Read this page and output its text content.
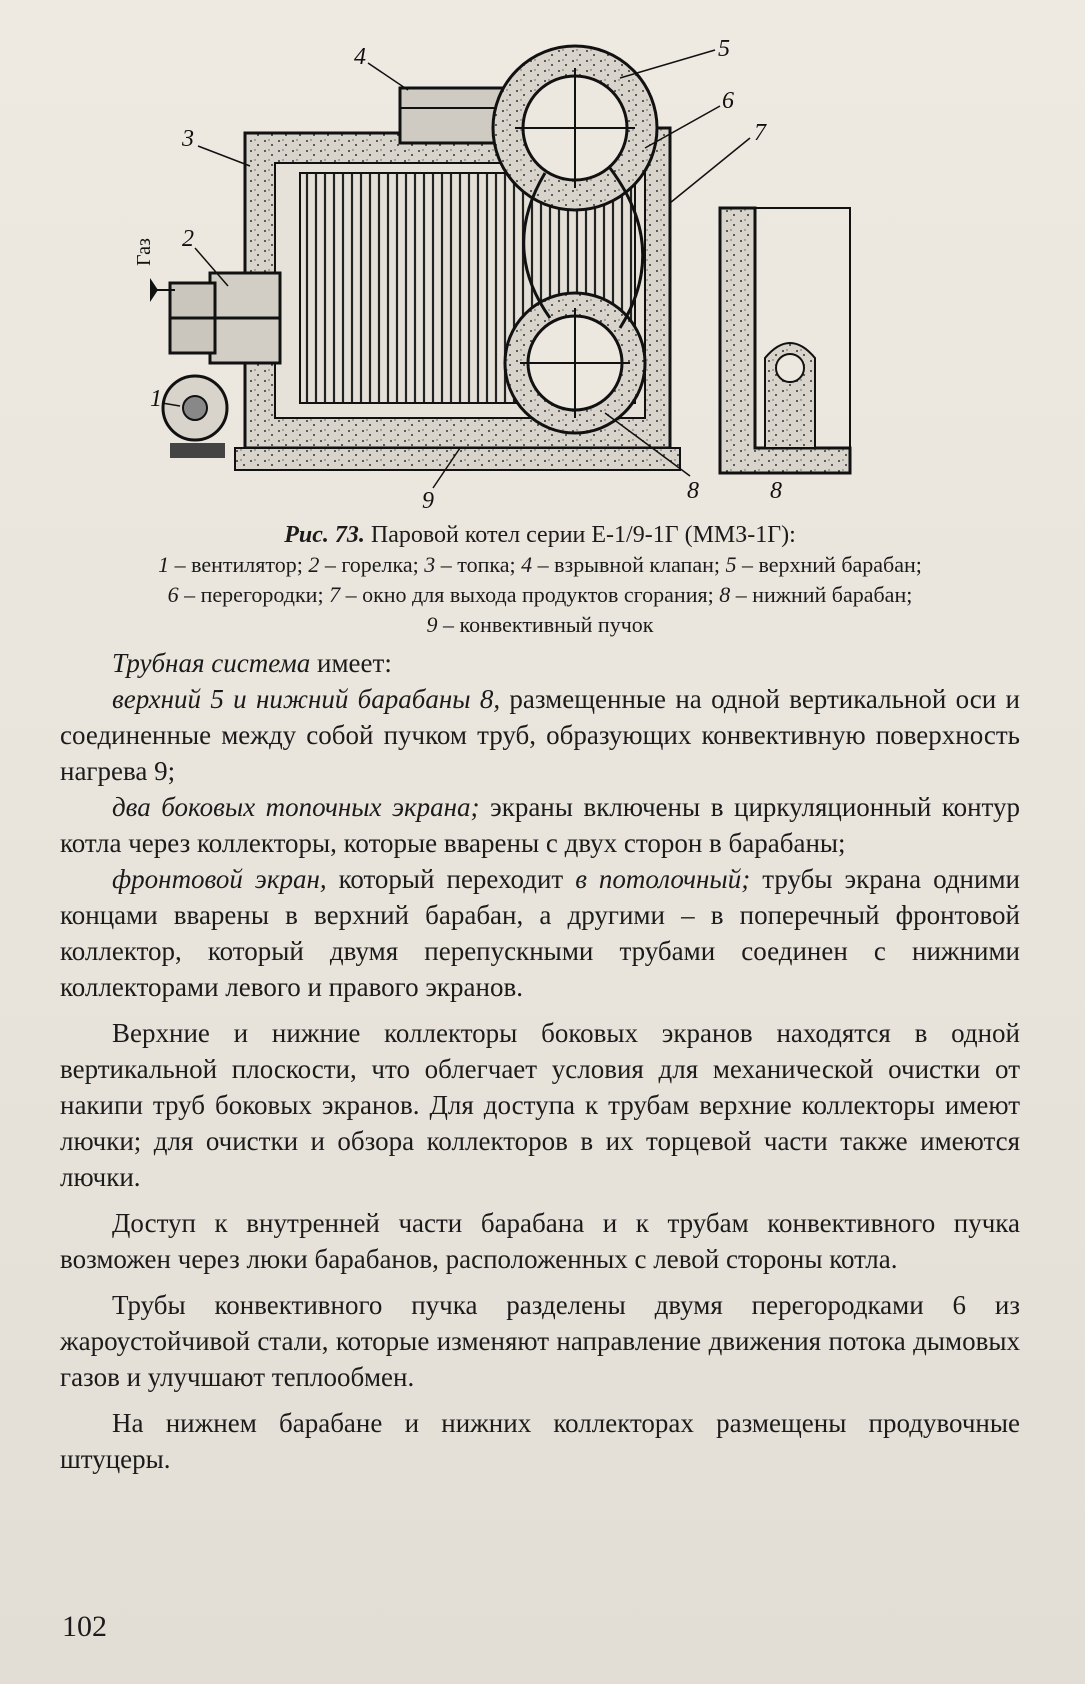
1
2
3
4	5
6
7
8
9	8
Газ
Рис. 73. Паровой котел серии Е-1/9-1Г (ММЗ-1Г):
1 – вентилятор; 2 – горелка; 3 – топка; 4 – взрывной клапан; 5 – верхний барабан;
6 – перегородки; 7 – окно для выхода продуктов сгорания; 8 – нижний барабан;
9 – конвективный пучок

Трубная система имеет:

верхний 5 и нижний барабаны 8, размещенные на одной вертикальной оси и соединенные между собой пучком труб, образующих конвективную поверхность нагрева 9;

два боковых топочных экрана; экраны включены в циркуляционный контур котла через коллекторы, которые вварены с двух сторон в барабаны;

фронтовой экран, который переходит в потолочный; трубы экрана одними концами вварены в верхний барабан, а другими – в поперечный фронтовой коллектор, который двумя перепускными трубами соединен с нижними коллекторами левого и правого экранов.

Верхние и нижние коллекторы боковых экранов находятся в одной вертикальной плоскости, что облегчает условия для механической очистки от накипи труб боковых экранов. Для доступа к трубам верхние коллекторы имеют лючки; для очистки и обзора коллекторов в их торцевой части также имеются лючки.

Доступ к внутренней части барабана и к трубам конвективного пучка возможен через люки барабанов, расположенных с левой стороны котла.

Трубы конвективного пучка разделены двумя перегородками 6 из жароустойчивой стали, которые изменяют направление движения потока дымовых газов и улучшают теплообмен.

На нижнем барабане и нижних коллекторах размещены продувочные штуцеры.

102
